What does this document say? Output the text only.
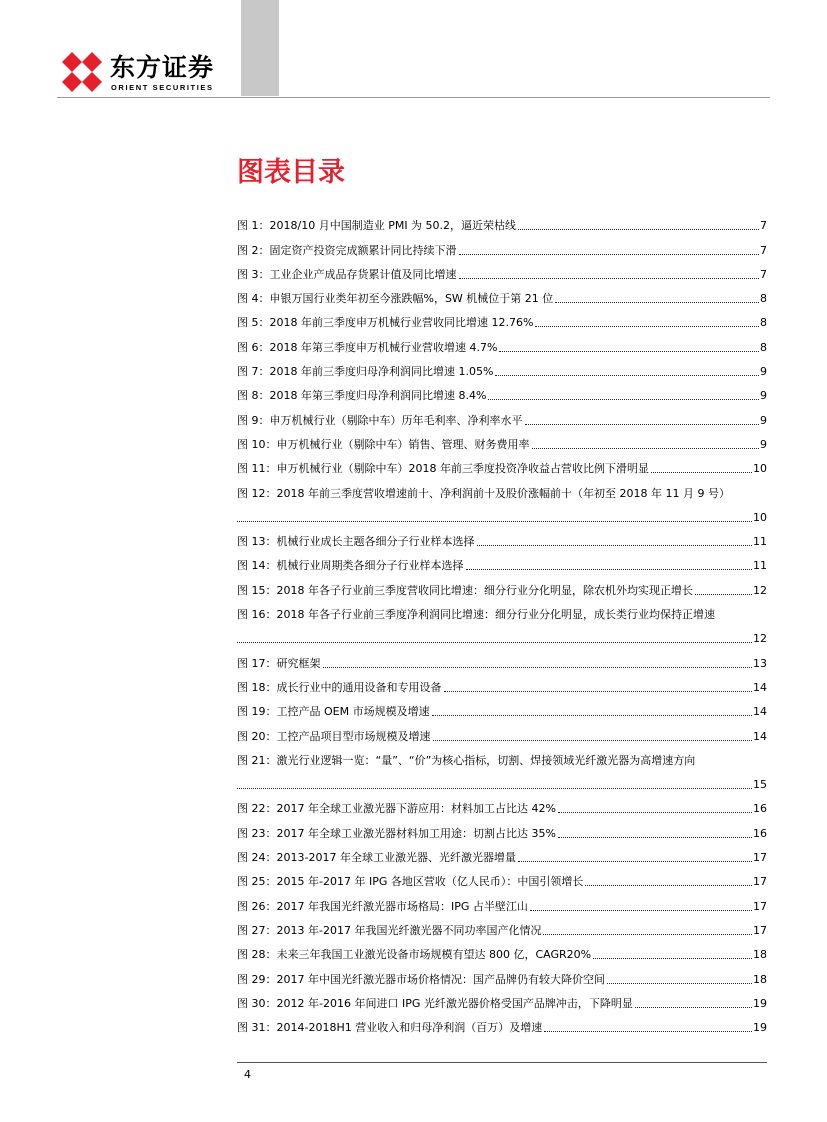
东方证券
ORIENT SECURITIES
图表目录
图 1：2018/10 月中国制造业 PMI 为 50.2，逼近荣枯线	7
图 2：固定资产投资完成额累计同比持续下滑	7
图 3：工业企业产成品存货累计值及同比增速	7
图 4：申银万国行业类年初至今涨跌幅%，SW 机械位于第 21 位	8
图 5：2018 年前三季度申万机械行业营收同比增速 12.76%	8
图 6：2018 年第三季度申万机械行业营收增速 4.7%	8
图 7：2018 年前三季度归母净利润同比增速 1.05%	9
图 8：2018 年第三季度归母净利润同比增速 8.4%	9
图 9：申万机械行业（剔除中车）历年毛利率、净利率水平	9
图 10：申万机械行业（剔除中车）销售、管理、财务费用率	9
图 11：申万机械行业（剔除中车）2018 年前三季度投资净收益占营收比例下滑明显	10
图 12：2018 年前三季度营收增速前十、净利润前十及股价涨幅前十（年初至 2018 年 11 月 9 号）
10
图 13：机械行业成长主题各细分子行业样本选择	11
图 14：机械行业周期类各细分子行业样本选择	11
图 15：2018 年各子行业前三季度营收同比增速：细分行业分化明显，除农机外均实现正增长	12
图 16：2018 年各子行业前三季度净利润同比增速：细分行业分化明显，成长类行业均保持正增速
12
图 17：研究框架	13
图 18：成长行业中的通用设备和专用设备	14
图 19：工控产品 OEM 市场规模及增速	14
图 20：工控产品项目型市场规模及增速	14
图 21：激光行业逻辑一览：“量”、“价”为核心指标，切割、焊接领域光纤激光器为高增速方向
15
图 22：2017 年全球工业激光器下游应用：材料加工占比达 42%	16
图 23：2017 年全球工业激光器材料加工用途：切割占比达 35%	16
图 24：2013-2017 年全球工业激光器、光纤激光器增量	17
图 25：2015 年-2017 年 IPG 各地区营收（亿人民币）：中国引领增长	17
图 26：2017 年我国光纤激光器市场格局：IPG 占半壁江山	17
图 27：2013 年-2017 年我国光纤激光器不同功率国产化情况	17
图 28：未来三年我国工业激光设备市场规模有望达 800 亿，CAGR20%	18
图 29：2017 年中国光纤激光器市场价格情况：国产品牌仍有较大降价空间	18
图 30：2012 年-2016 年间进口 IPG 光纤激光器价格受国产品牌冲击，下降明显	19
图 31：2014-2018H1 营业收入和归母净利润（百万）及增速	19
4
